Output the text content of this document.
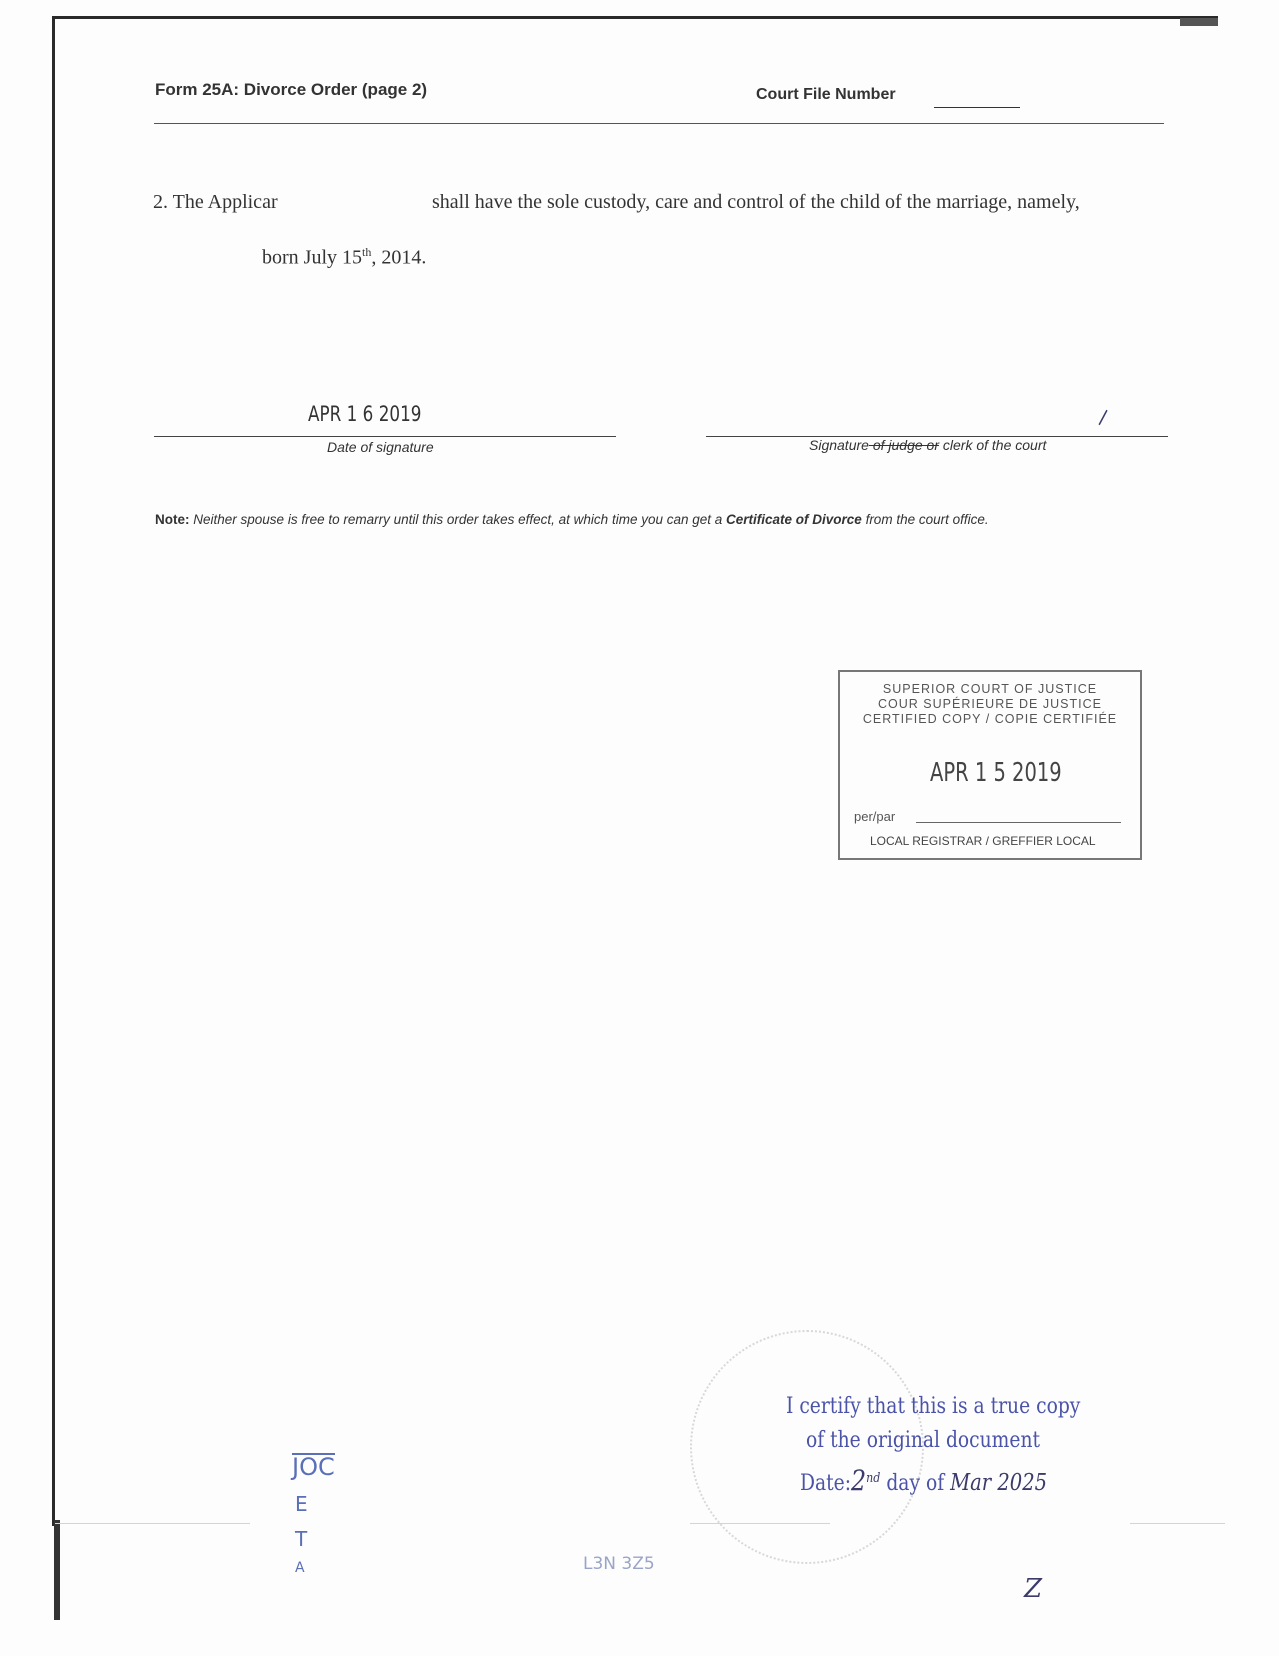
Form 25A: Divorce Order (page 2)	Court File Number
2. The Applicar	shall have the sole custody, care and control of the child of the marriage, namely,
born July 15th, 2014.
APR 1 6 2019
Date of signature
\
Signature of judge or clerk of the court
Note: Neither spouse is free to remarry until this order takes effect, at which time you can get a Certificate of Divorce from the court office.
SUPERIOR COURT OF JUSTICE
COUR SUPÉRIEURE DE JUSTICE
CERTIFIED COPY / COPIE CERTIFIÉE
APR 1 5 2019
per/par
LOCAL REGISTRAR / GREFFIER LOCAL
I certify that this is a true copy
of the original document
Date:2nd day of Mar 2025
JOC
E
T
A	L3N 3Z5
Z
